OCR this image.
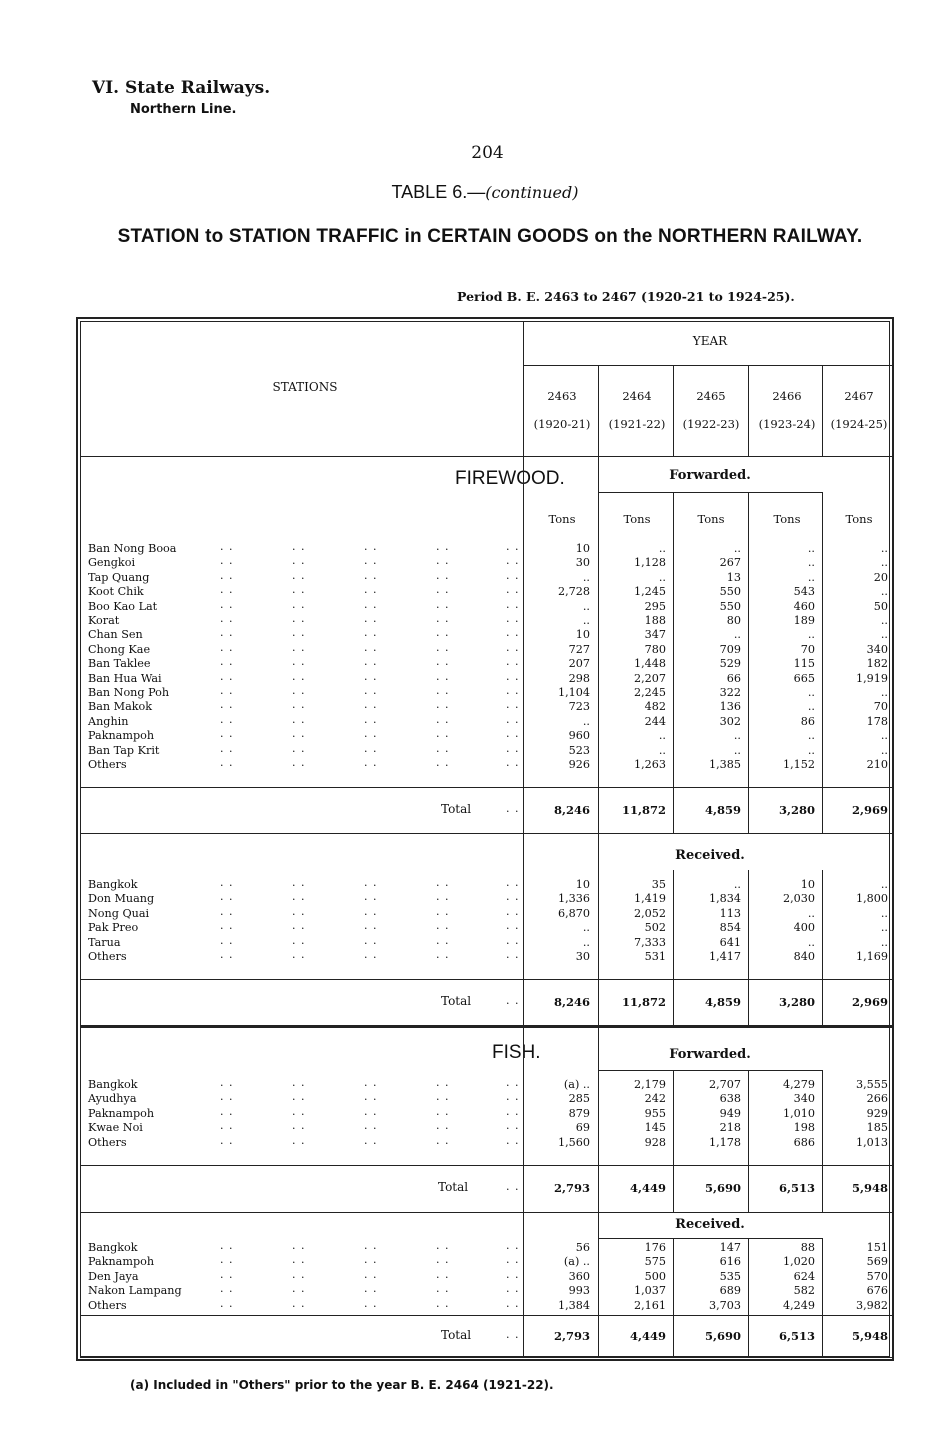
VI. State Railways.
Northern Line.
204
TABLE 6.—(continued)
STATION to STATION TRAFFIC in CERTAIN GOODS on the NORTHERN RAILWAY.
Period B. E. 2463 to 2467 (1920-21 to 1924-25).
STATIONS
YEAR
2463
(1920-21)
2464
(1921-22)
2465
(1922-23)
2466
(1923-24)
2467
(1924-25)
FIREWOOD.	Forwarded.
Tons	Tons	Tons	Tons	Tons
Ban Nong Booa	. .	. .	. .	. .	. .	10	..	..	..	..
Gengkoi	. .	. .	. .	. .	. .	30	1,128	267	..	..
Tap Quang	. .	. .	. .	. .	. .	..	..	13	..	20
Koot Chik	. .	. .	. .	. .	. .	2,728	1,245	550	543	..
Boo Kao Lat	. .	. .	. .	. .	. .	..	295	550	460	50
Korat	. .	. .	. .	. .	. .	..	188	80	189	..
Chan Sen	. .	. .	. .	. .	. .	10	347	..	..	..
Chong Kae	. .	. .	. .	. .	. .	727	780	709	70	340
Ban Taklee	. .	. .	. .	. .	. .	207	1,448	529	115	182
Ban Hua Wai	. .	. .	. .	. .	. .	298	2,207	66	665	1,919
Ban Nong Poh	. .	. .	. .	. .	. .	1,104	2,245	322	..	..
Ban Makok	. .	. .	. .	. .	. .	723	482	136	..	70
Anghin	. .	. .	. .	. .	. .	..	244	302	86	178
Paknampoh	. .	. .	. .	. .	. .	960	..	..	..	..
Ban Tap Krit	. .	. .	. .	. .	. .	523	..	..	..	..
Others	. .	. .	. .	. .	. .	926	1,263	1,385	1,152	210
Total	. .	8,246	11,872	4,859	3,280	2,969
Received.
Bangkok	. .	. .	. .	. .	. .	10	35	..	10	..
Don Muang	. .	. .	. .	. .	. .	1,336	1,419	1,834	2,030	1,800
Nong Quai	. .	. .	. .	. .	. .	6,870	2,052	113	..	..
Pak Preo	. .	. .	. .	. .	. .	..	502	854	400	..
Tarua	. .	. .	. .	. .	. .	..	7,333	641	..	..
Others	. .	. .	. .	. .	. .	30	531	1,417	840	1,169
Total	. .	8,246	11,872	4,859	3,280	2,969
FISH.	Forwarded.
Bangkok	. .	. .	. .	. .	. .	(a) ..	2,179	2,707	4,279	3,555
Ayudhya	. .	. .	. .	. .	. .	285	242	638	340	266
Paknampoh	. .	. .	. .	. .	. .	879	955	949	1,010	929
Kwae Noi	. .	. .	. .	. .	. .	69	145	218	198	185
Others	. .	. .	. .	. .	. .	1,560	928	1,178	686	1,013
Total	. .	2,793	4,449	5,690	6,513	5,948
Received.
Bangkok	. .	. .	. .	. .	. .	56	176	147	88	151
Paknampoh	. .	. .	. .	. .	. .	(a) ..	575	616	1,020	569
Den Jaya	. .	. .	. .	. .	. .	360	500	535	624	570
Nakon Lampang	. .	. .	. .	. .	. .	993	1,037	689	582	676
Others	. .	. .	. .	. .	. .	1,384	2,161	3,703	4,249	3,982
Total	. .	2,793	4,449	5,690	6,513	5,948
(a) Included in "Others" prior to the year B. E. 2464 (1921-22).
